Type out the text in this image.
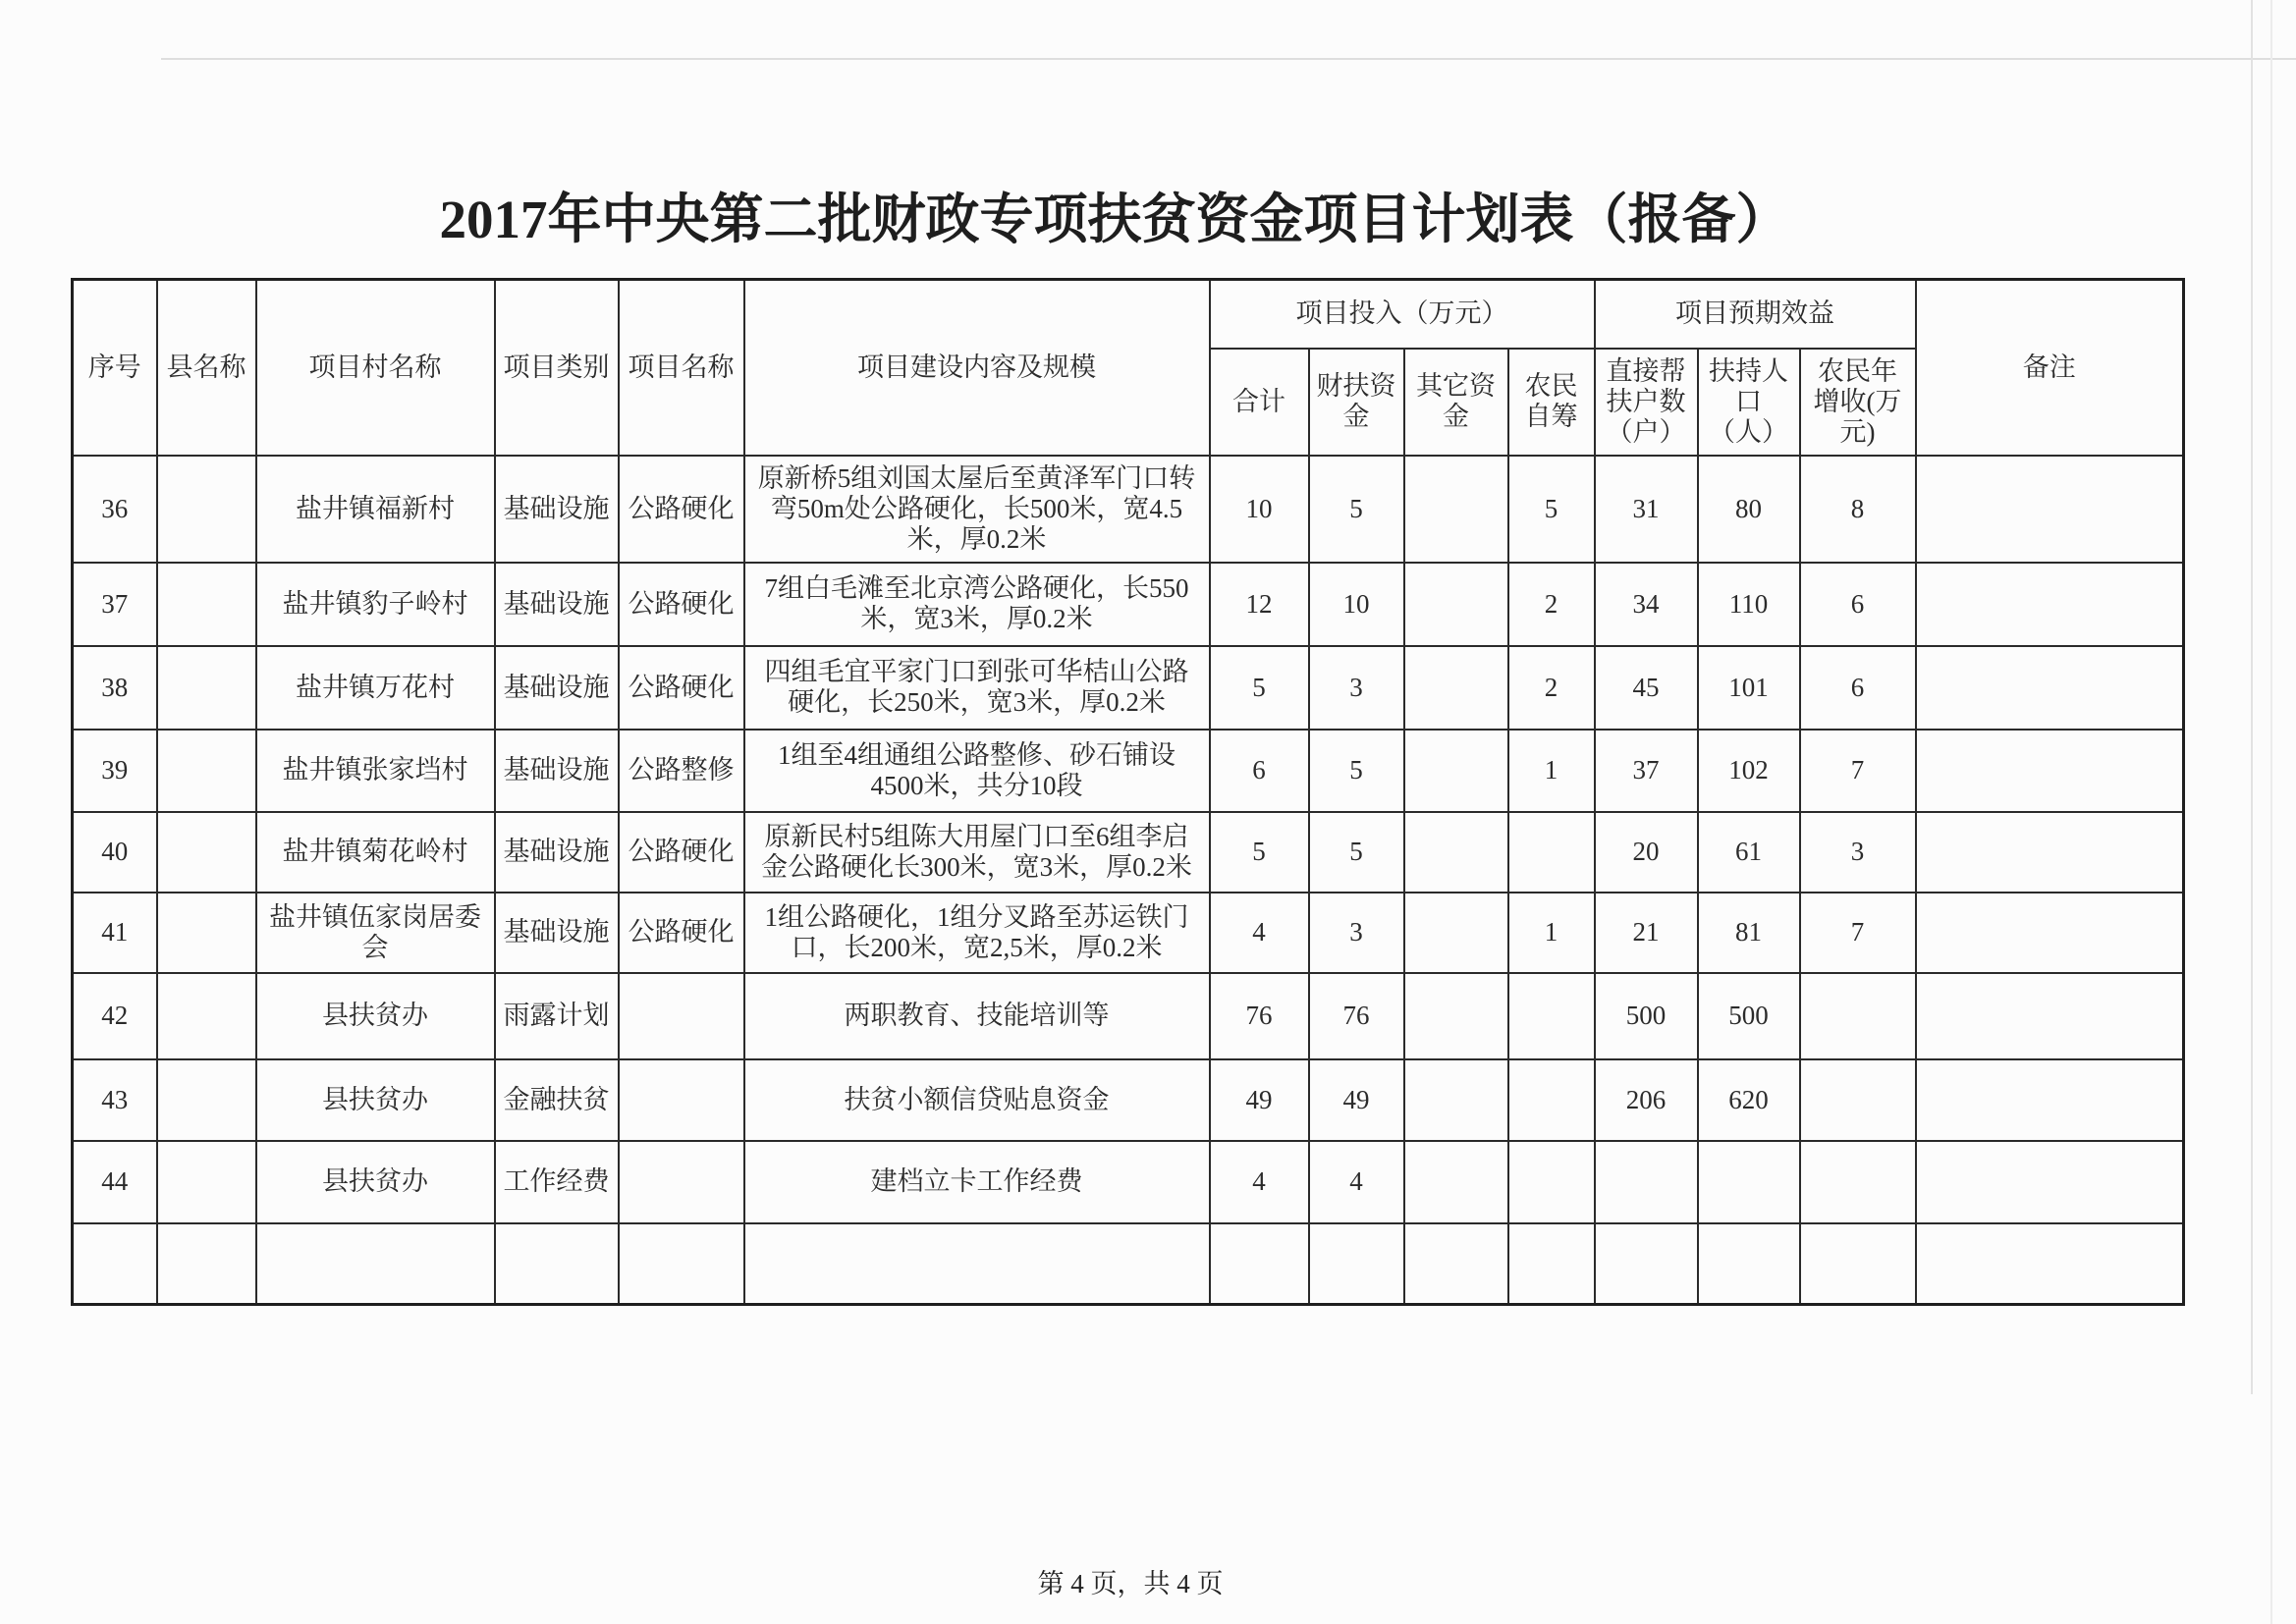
2017年中央第二批财政专项扶贫资金项目计划表（报备）
序号	县名称	项目村名称	项目类别	项目名称	项目建设内容及规模	项目投入（万元）				项目预期效益			备注
						合计	财扶资金	其它资金	农民自筹	直接帮扶户数（户）	扶持人口（人）	农民年增收(万元)	
36		盐井镇福新村	基础设施	公路硬化	原新桥5组刘国太屋后至黄泽军门口转弯50m处公路硬化，长500米，宽4.5米，厚0.2米	10	5		5	31	80	8	
37		盐井镇豹子岭村	基础设施	公路硬化	7组白毛滩至北京湾公路硬化，长550米，宽3米，厚0.2米	12	10		2	34	110	6	
38		盐井镇万花村	基础设施	公路硬化	四组毛宜平家门口到张可华桔山公路硬化，长250米，宽3米，厚0.2米	5	3		2	45	101	6	
39		盐井镇张家垱村	基础设施	公路整修	1组至4组通组公路整修、砂石铺设4500米，共分10段	6	5		1	37	102	7	
40		盐井镇菊花岭村	基础设施	公路硬化	原新民村5组陈大用屋门口至6组李启金公路硬化长300米，宽3米，厚0.2米	5	5			20	61	3	
41		盐井镇伍家岗居委会	基础设施	公路硬化	1组公路硬化，1组分叉路至苏运铁门口，长200米，宽2,5米，厚0.2米	4	3		1	21	81	7	
42		县扶贫办	雨露计划		两职教育、技能培训等	76	76			500	500		
43		县扶贫办	金融扶贫		扶贫小额信贷贴息资金	49	49			206	620		
44		县扶贫办	工作经费		建档立卡工作经费	4	4						

第 4 页，共 4 页
